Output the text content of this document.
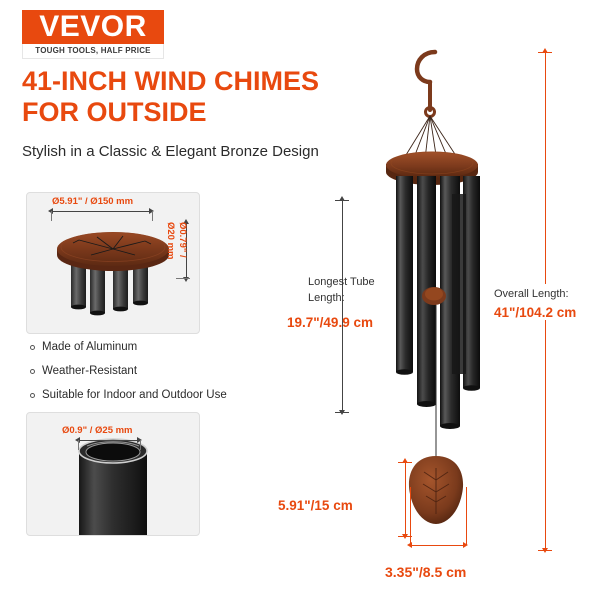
VEVOR
TOUGH TOOLS, HALF PRICE
41-INCH WIND CHIMES
FOR OUTSIDE
Stylish in a Classic & Elegant Bronze Design
Ø5.91" / Ø150 mm
Ø0.79" /
Ø20 mm
Made of Aluminum
Weather-Resistant
Suitable for Indoor and Outdoor Use
Ø0.9" / Ø25 mm
Longest Tube
Length:
19.7"/49.9 cm
Overall Length:
41"/104.2 cm
5.91"/15 cm
3.35"/8.5 cm
